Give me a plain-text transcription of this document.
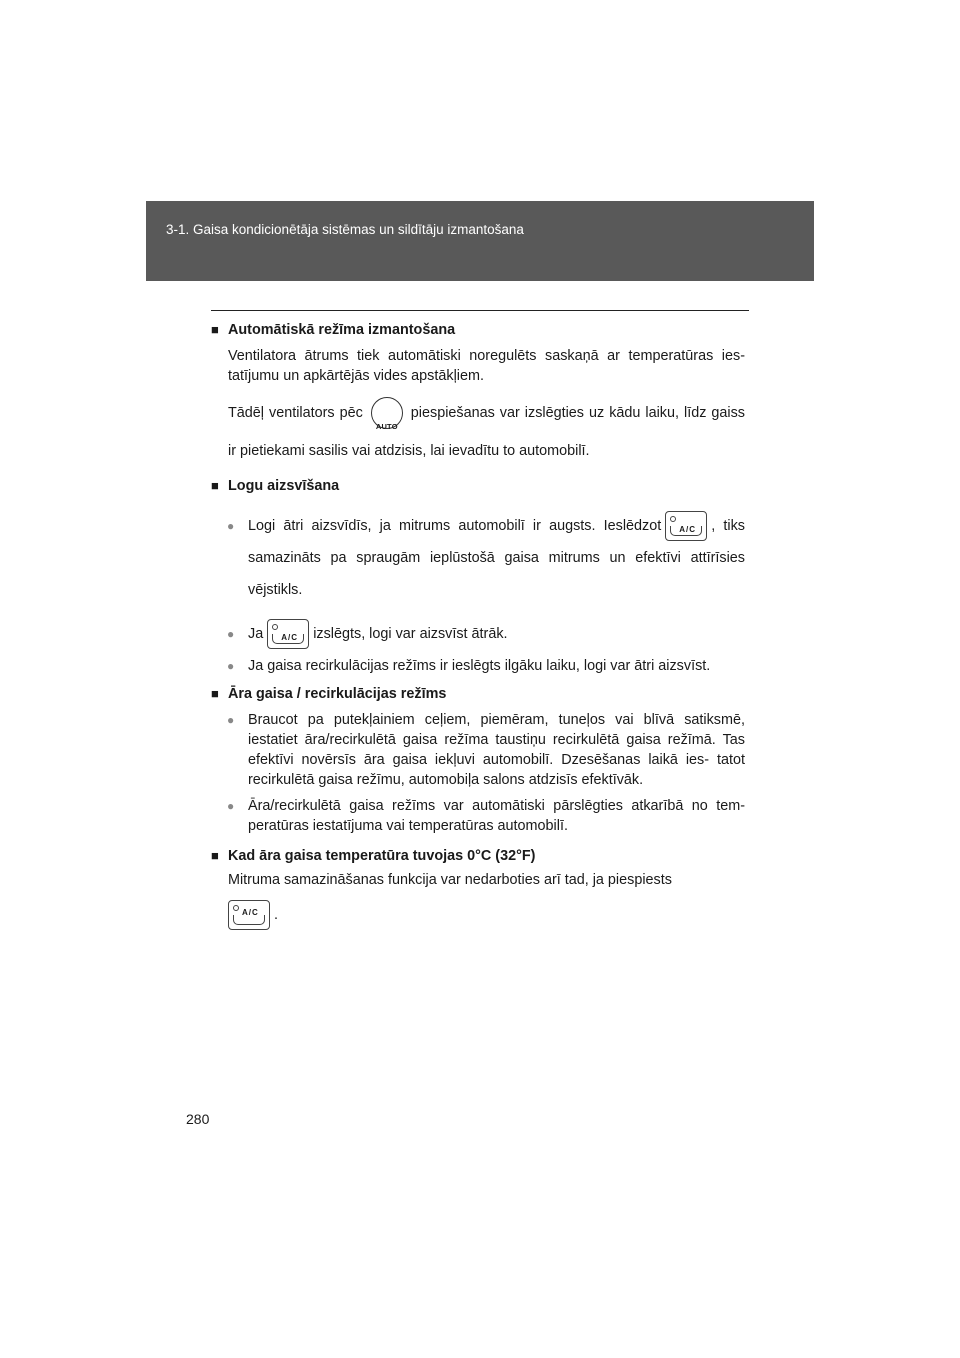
3-1. Gaisa kondicionētāja sistēmas un sildītāju izmantošana
■ Automātiskā režīma izmantošana
Ventilatora ātrums tiek automātiski noregulēts saskaņā ar temperatūras ies- tatījumu un apkārtējās vides apstākļiem.
Tādēļ ventilators pēc
AUTO
piespiešanas var izslēgties uz kādu laiku, līdz gaiss ir pietiekami sasilis vai atdzisis, lai ievadītu to automobilī.
■ Logu aizsvīšana
● Logi ātri aizsvīdīs, ja mitrums automobilī ir augsts. Ieslēdzot A/C , tiks samazināts pa spraugām ieplūstošā gaisa mitrums un efektīvi attīrīsies vējstikls.
● Ja A/C izslēgts, logi var aizsvīst ātrāk.
● Ja gaisa recirkulācijas režīms ir ieslēgts ilgāku laiku, logi var ātri aizsvīst.
■ Āra gaisa / recirkulācijas režīms
● Braucot pa putekļainiem ceļiem, piemēram, tuneļos vai blīvā satiksmē, iestatiet āra/recirkulētā gaisa režīma taustiņu recirkulētā gaisa režīmā. Tas efektīvi novērsīs āra gaisa iekļuvi automobilī. Dzesēšanas laikā ies- tatot recirkulētā gaisa režīmu, automobiļa salons atdzisīs efektīvāk.
● Āra/recirkulētā gaisa režīms var automātiski pārslēgties atkarībā no tem- peratūras iestatījuma vai temperatūras automobilī.
■ Kad āra gaisa temperatūra tuvojas 0°C (32°F)
Mitruma samazināšanas funkcija var nedarboties arī tad, ja piespiests
A/C .
280
